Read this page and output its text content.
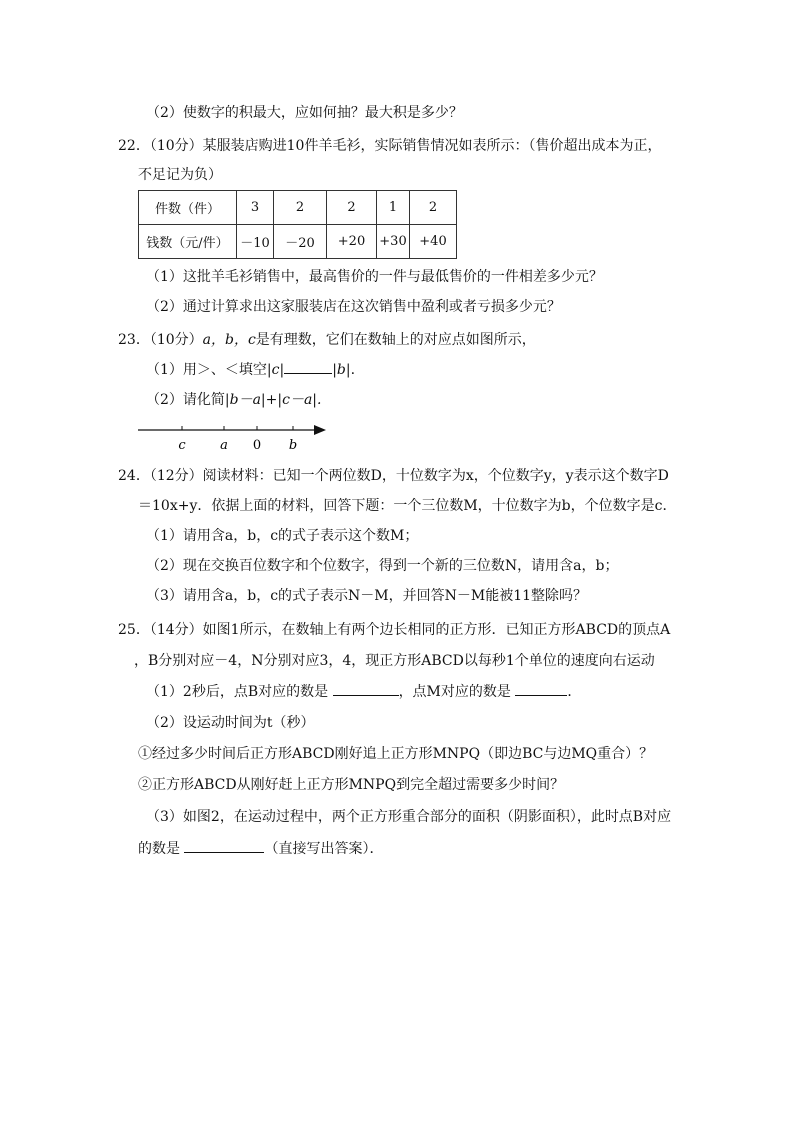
（2）使数字的积最大，应如何抽？最大积是多少？
22．（10分）某服装店购进10件羊毛衫，实际销售情况如表所示：（售价超出成本为正，
不足记为负）
件数（件）	3	2	2	1	2
钱数（元/件）	－10	－20	+20	+30	+40
（1）这批羊毛衫销售中，最高售价的一件与最低售价的一件相差多少元？
（2）通过计算求出这家服装店在这次销售中盈利或者亏损多少元？
23．（10分）a，b，c是有理数，它们在数轴上的对应点如图所示，
（1）用＞、＜填空|c|	|b|.
（2）请化简|b－a|+|c－a|.
c	a 0 b
24．（12分）阅读材料：已知一个两位数D，十位数字为x，个位数字y，y表示这个数字D
＝10x+y．依据上面的材料，回答下题：一个三位数M，十位数字为b，个位数字是c．
（1）请用含a，b，c的式子表示这个数M；
（2）现在交换百位数字和个位数字，得到一个新的三位数N，请用含a，b；
（3）请用含a，b，c的式子表示N－M，并回答N－M能被11整除吗？
25．（14分）如图1所示，在数轴上有两个边长相同的正方形．已知正方形ABCD的顶点A
，B分别对应－4，N分别对应3，4，现正方形ABCD以每秒1个单位的速度向右运动
（1）2秒后，点B对应的数是	，点M对应的数是	．
（2）设运动时间为t（秒）
①经过多少时间后正方形ABCD刚好追上正方形MNPQ（即边BC与边MQ重合）？
②正方形ABCD从刚好赶上正方形MNPQ到完全超过需要多少时间？
（3）如图2，在运动过程中，两个正方形重合部分的面积（阴影面积），此时点B对应
的数是	（直接写出答案）．
